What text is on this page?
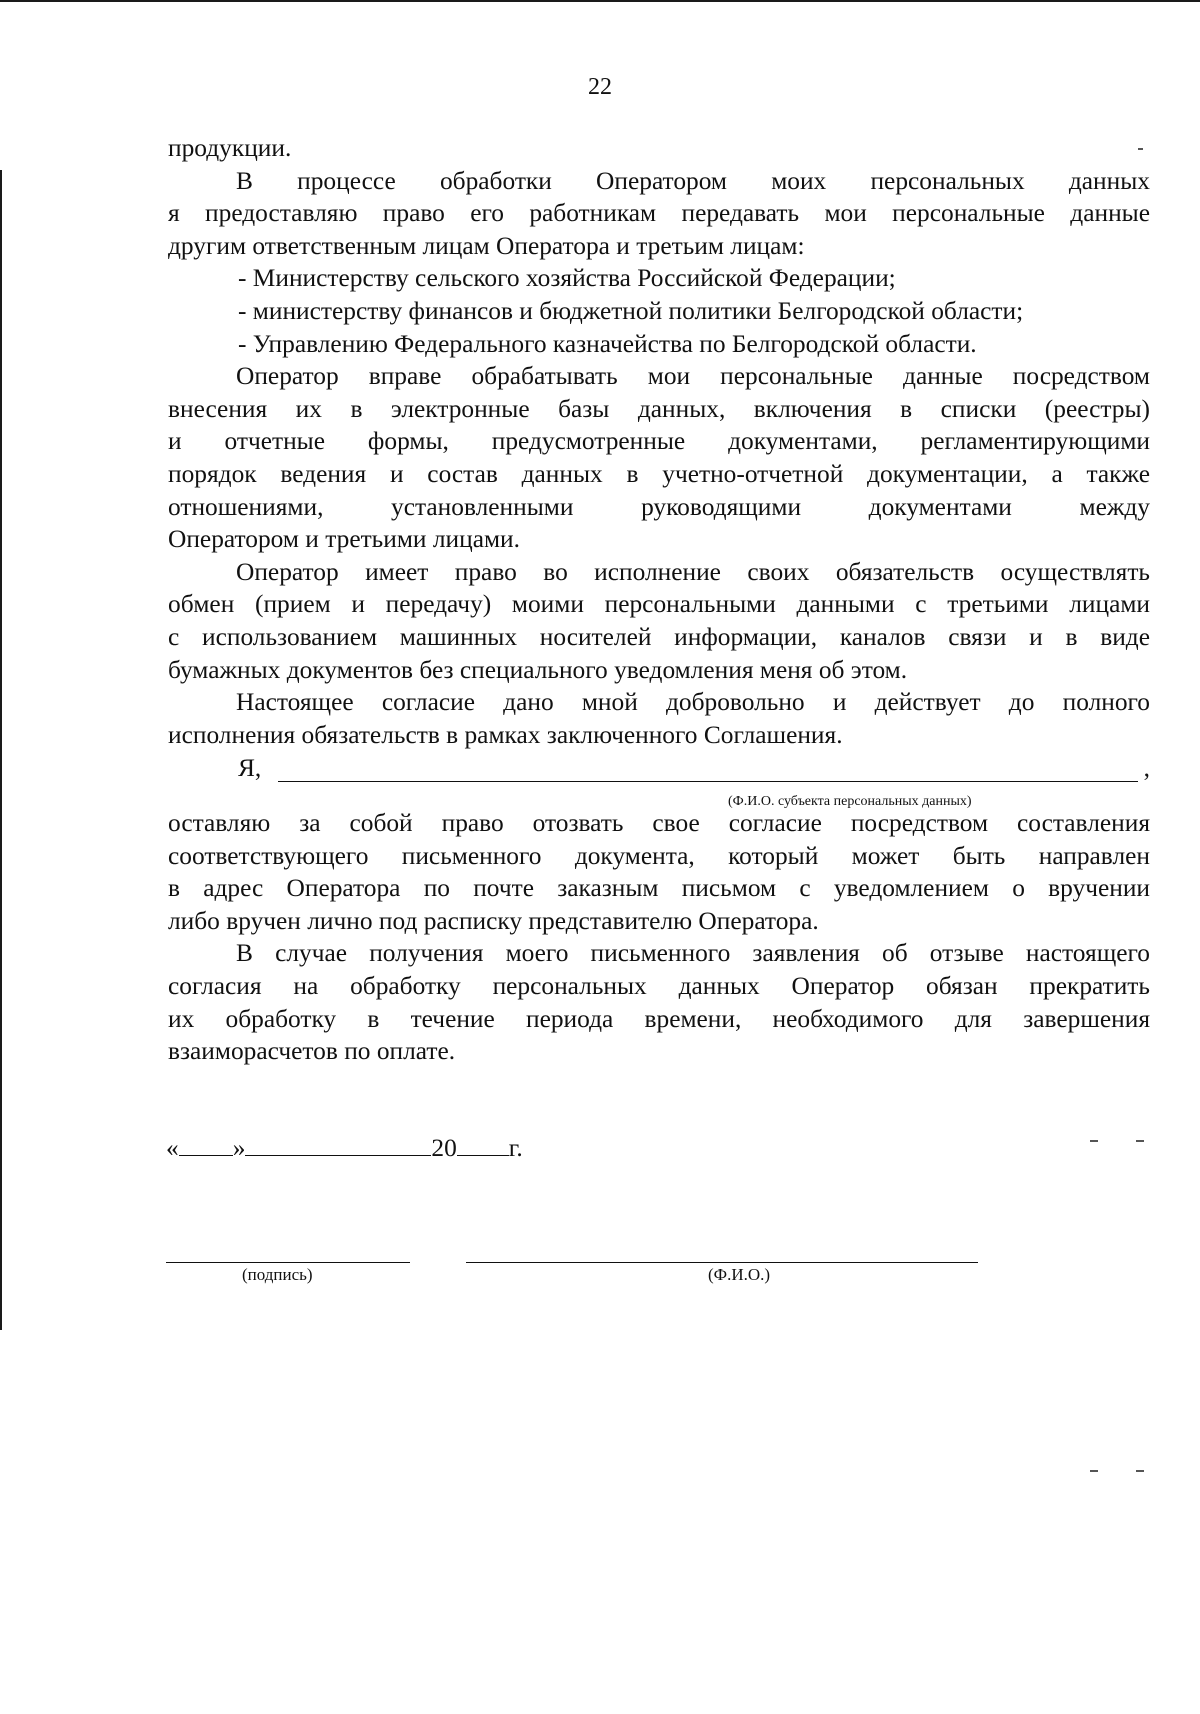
22

продукции.

В процессе обработки Оператором моих персональных данных

я предоставляю право его работникам передавать мои персональные данные

другим ответственным лицам Оператора и третьим лицам:

- Министерству сельского хозяйства Российской Федерации;

- министерству финансов и бюджетной политики Белгородской области;

- Управлению Федерального казначейства по Белгородской области.

Оператор вправе обрабатывать мои персональные данные посредством

внесения их в электронные базы данных, включения в списки (реестры)

и отчетные формы, предусмотренные документами, регламентирующими

порядок ведения и состав данных в учетно-отчетной документации, а также

отношениями, установленными руководящими документами между

Оператором и третьими лицами.

Оператор имеет право во исполнение своих обязательств осуществлять

обмен (прием и передачу) моими персональными данными с третьими лицами

с использованием машинных носителей информации, каналов связи и в виде

бумажных документов без специального уведомления меня об этом.

Настоящее согласие дано мной добровольно и действует до полного

исполнения обязательств в рамках заключенного Соглашения.

Я,	,
(Ф.И.О. субъекта персональных данных)

оставляю за собой право отозвать свое согласие посредством составления

соответствующего письменного документа, который может быть направлен

в адрес Оператора по почте заказным письмом с уведомлением о вручении

либо вручен лично под расписку представителю Оператора.

В случае получения моего письменного заявления об отзыве настоящего

согласия на обработку персональных данных Оператор обязан прекратить

их обработку в течение периода времени, необходимого для завершения

взаиморасчетов по оплате.

« »	20 г.
(подпись)	(Ф.И.О.)
